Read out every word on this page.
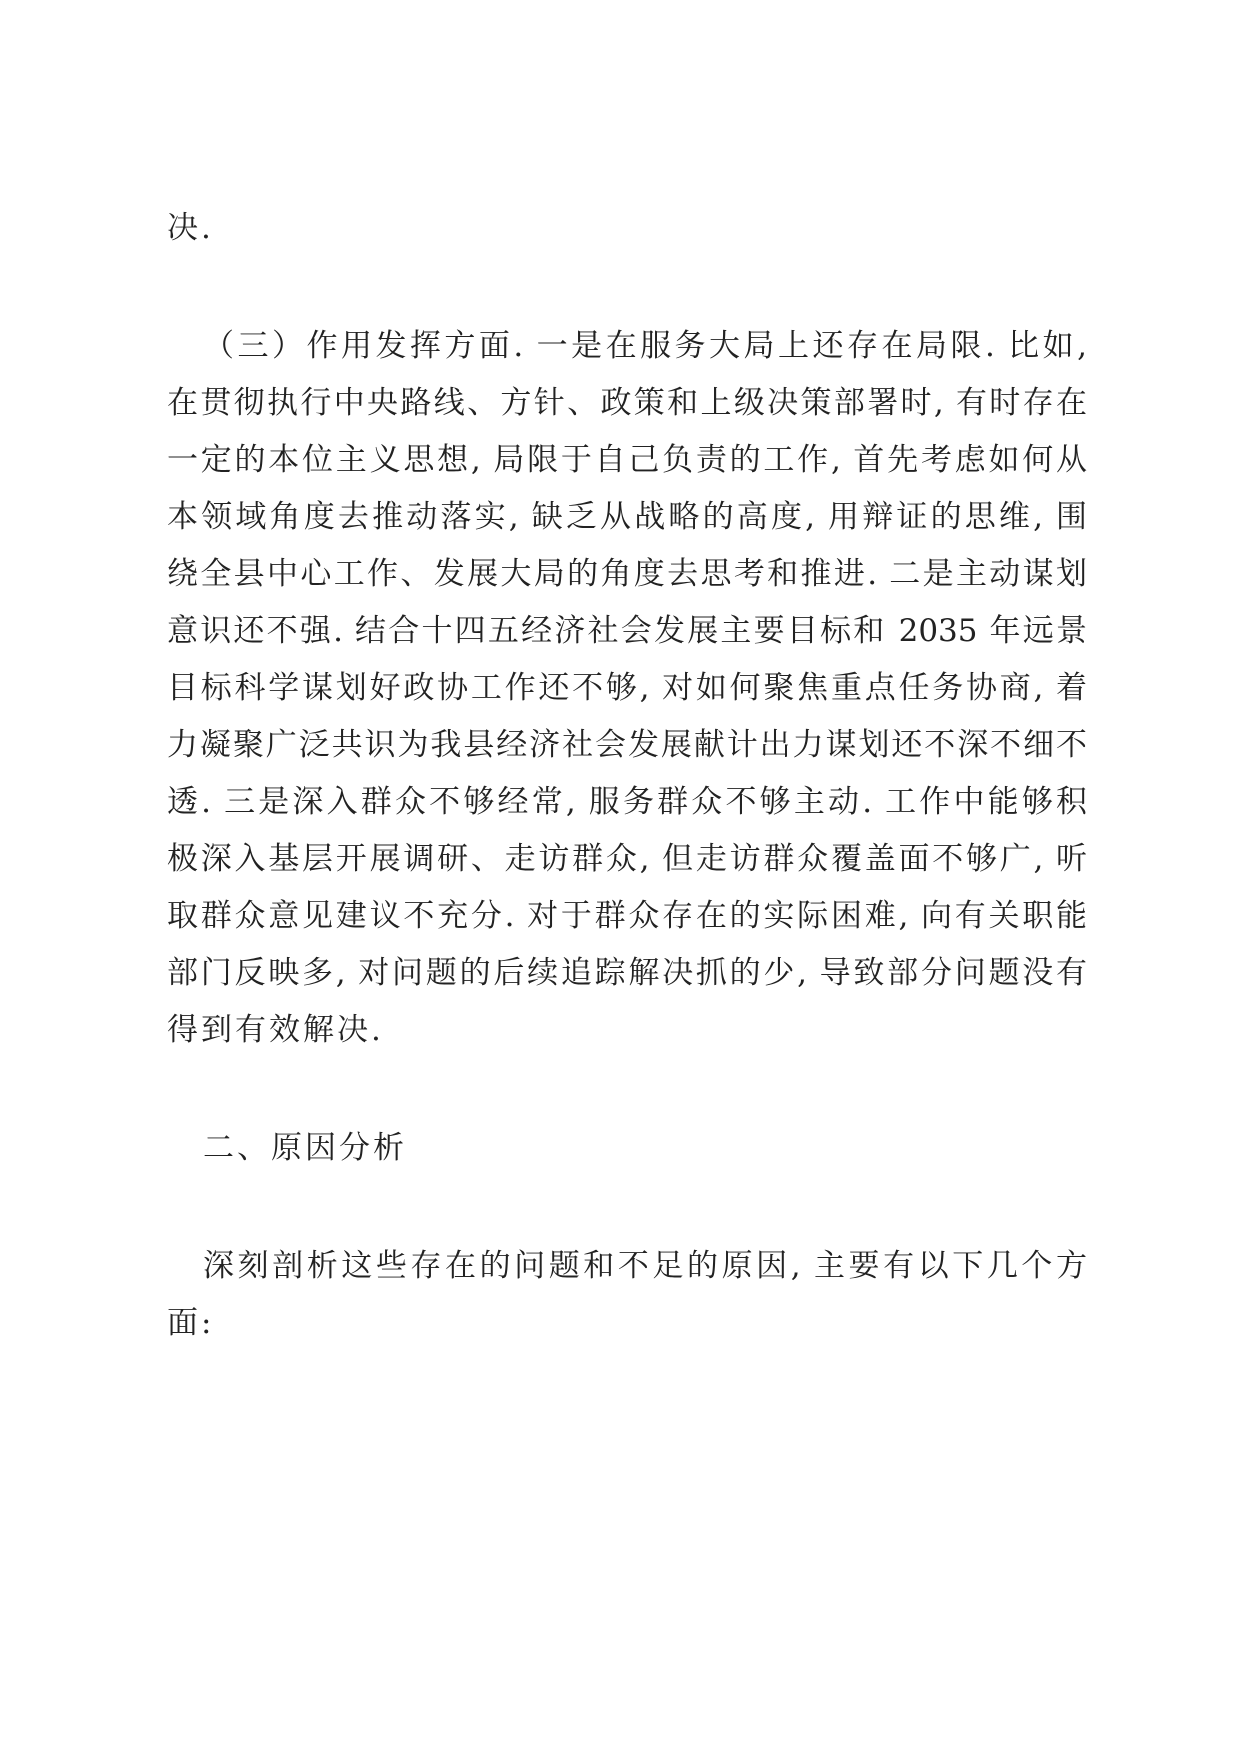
决.
（三）作用发挥方面. 一是在服务大局上还存在局限. 比如,
在贯彻执行中央路线、方针、政策和上级决策部署时, 有时存在
一定的本位主义思想, 局限于自己负责的工作, 首先考虑如何从
本领域角度去推动落实, 缺乏从战略的高度, 用辩证的思维, 围
绕全县中心工作、发展大局的角度去思考和推进. 二是主动谋划
意识还不强. 结合十四五经济社会发展主要目标和 2035 年远景
目标科学谋划好政协工作还不够, 对如何聚焦重点任务协商, 着
力凝聚广泛共识为我县经济社会发展献计出力谋划还不深不细不
透. 三是深入群众不够经常, 服务群众不够主动. 工作中能够积
极深入基层开展调研、走访群众, 但走访群众覆盖面不够广, 听
取群众意见建议不充分. 对于群众存在的实际困难, 向有关职能
部门反映多, 对问题的后续追踪解决抓的少, 导致部分问题没有
得到有效解决.
二、原因分析
深刻剖析这些存在的问题和不足的原因, 主要有以下几个方
面:
